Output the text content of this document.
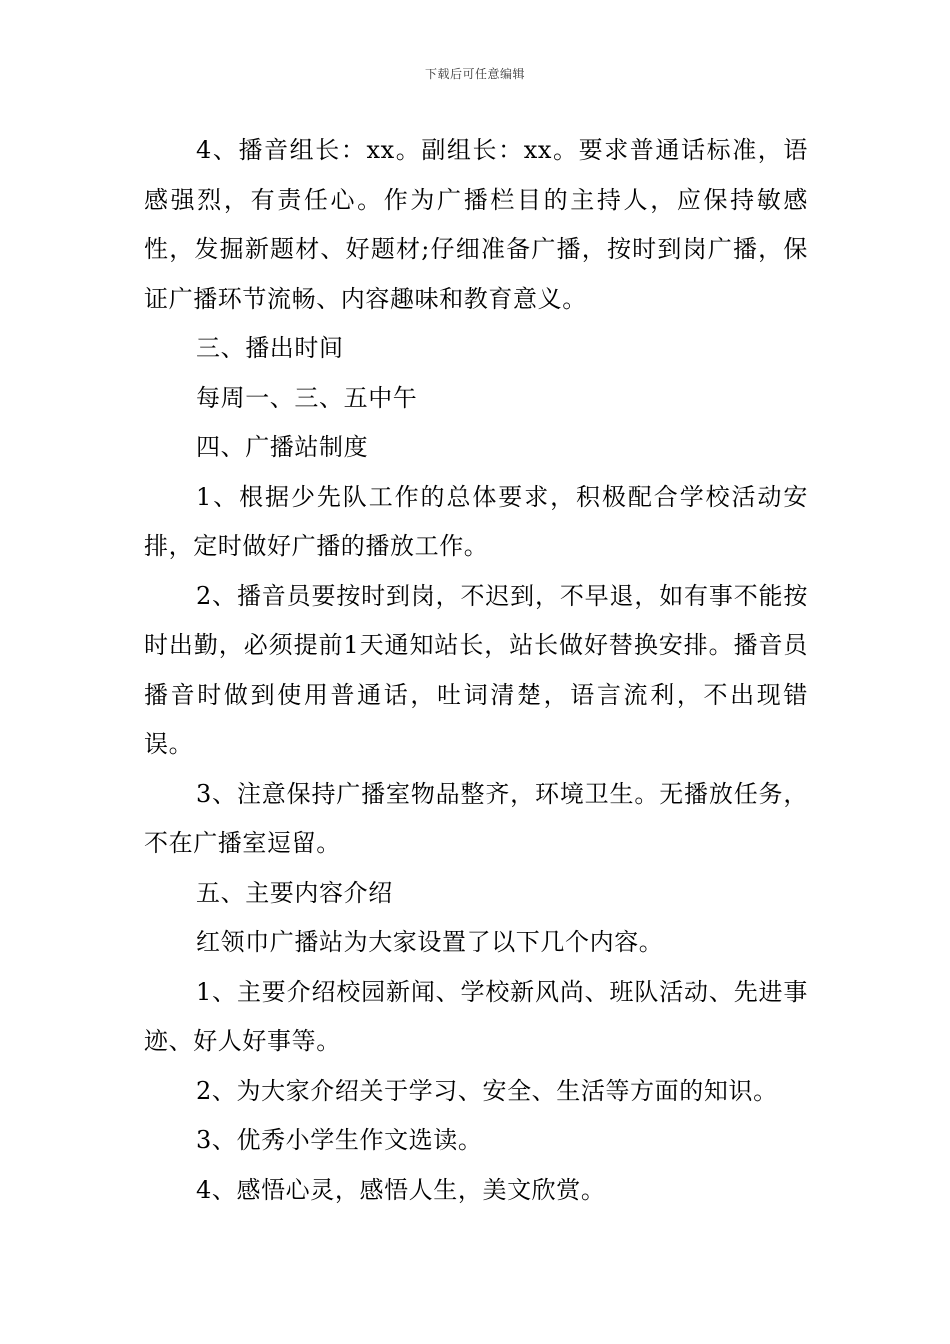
下载后可任意编辑

4、播音组长：xx。副组长：xx。要求普通话标准，语感强烈，有责任心。作为广播栏目的主持人，应保持敏感性，发掘新题材、好题材;仔细准备广播，按时到岗广播，保证广播环节流畅、内容趣味和教育意义。

三、播出时间

每周一、三、五中午

四、广播站制度

1、根据少先队工作的总体要求，积极配合学校活动安排，定时做好广播的播放工作。

2、播音员要按时到岗，不迟到，不早退，如有事不能按时出勤，必须提前1天通知站长，站长做好替换安排。播音员播音时做到使用普通话，吐词清楚，语言流利，不出现错误。

3、注意保持广播室物品整齐，环境卫生。无播放任务，不在广播室逗留。

五、主要内容介绍

红领巾广播站为大家设置了以下几个内容。

1、主要介绍校园新闻、学校新风尚、班队活动、先进事迹、好人好事等。

2、为大家介绍关于学习、安全、生活等方面的知识。

3、优秀小学生作文选读。

4、感悟心灵，感悟人生，美文欣赏。
